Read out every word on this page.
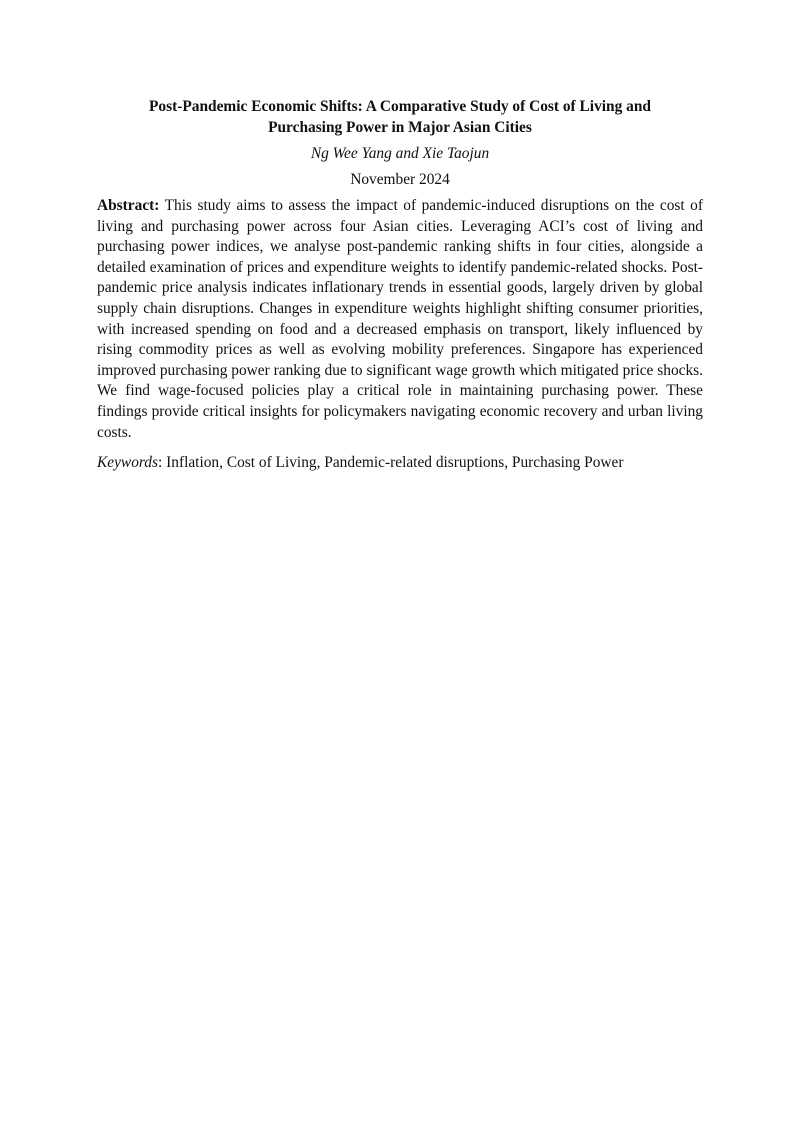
Post-Pandemic Economic Shifts: A Comparative Study of Cost of Living and
Purchasing Power in Major Asian Cities

Ng Wee Yang and Xie Taojun

November 2024

Abstract: This study aims to assess the impact of pandemic-induced disruptions on the cost of living and purchasing power across four Asian cities. Leveraging ACI’s cost of living and purchasing power indices, we analyse post-pandemic ranking shifts in four cities, alongside a detailed examination of prices and expenditure weights to identify pandemic-related shocks. Post-pandemic price analysis indicates inflationary trends in essential goods, largely driven by global supply chain disruptions. Changes in expenditure weights highlight shifting consumer priorities, with increased spending on food and a decreased emphasis on transport, likely influenced by rising commodity prices as well as evolving mobility preferences. Singapore has experienced improved purchasing power ranking due to significant wage growth which mitigated price shocks. We find wage-focused policies play a critical role in maintaining purchasing power. These findings provide critical insights for policymakers navigating economic recovery and urban living costs.

Keywords: Inflation, Cost of Living, Pandemic-related disruptions, Purchasing Power
